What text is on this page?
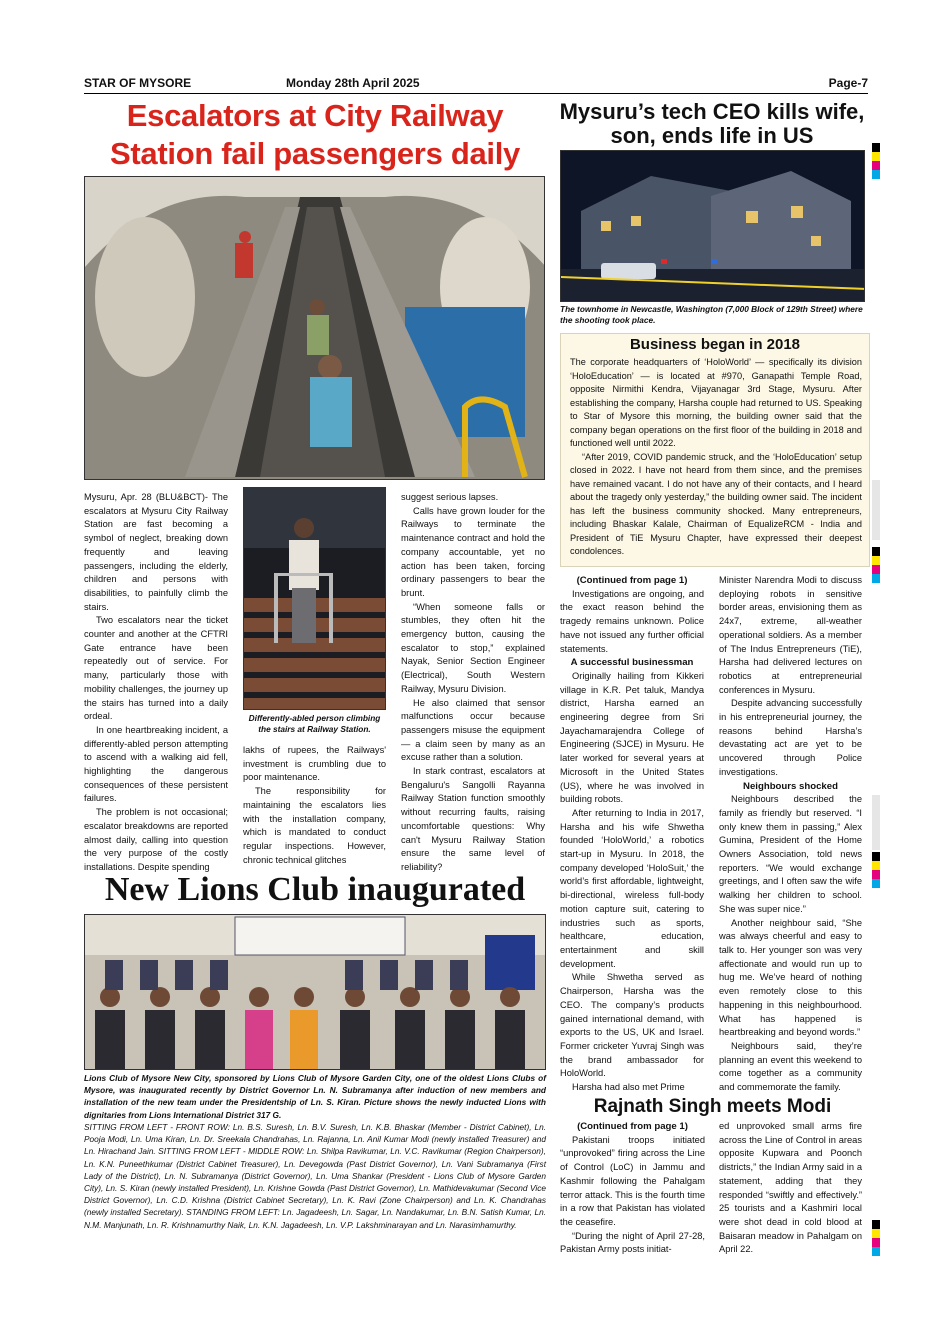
STAR OF MYSORE	Monday 28th April 2025	Page-7
Escalators at City Railway Station fail passengers daily

Mysuru, Apr. 28 (BLU&BCT)- The escalators at Mysuru City Railway Station are fast becoming a symbol of neglect, breaking down frequently and leaving passengers, including the elderly, children and persons with disabilities, to painfully climb the stairs.

Two escalators near the ticket counter and another at the CFTRI Gate entrance have been repeatedly out of service. For many, particularly those with mobility challenges, the journey up the stairs has turned into a daily ordeal.

In one heartbreaking incident, a differently-abled person attempting to ascend with a walking aid fell, highlighting the dangerous consequences of these persistent failures.

The problem is not occasional; escalator breakdowns are reported almost daily, calling into question the very purpose of the costly installations. Despite spending

Differently-abled person climbing the stairs at Railway Station.

lakhs of rupees, the Railways' investment is crumbling due to poor maintenance.

The responsibility for maintaining the escalators lies with the installation company, which is mandated to conduct regular inspections. However, chronic technical glitches

suggest serious lapses.

Calls have grown louder for the Railways to terminate the maintenance contract and hold the company accountable, yet no action has been taken, forcing ordinary passengers to bear the brunt.

“When someone falls or stumbles, they often hit the emergency button, causing the escalator to stop,” explained Nayak, Senior Section Engineer (Electrical), South Western Railway, Mysuru Division.

He also claimed that sensor malfunctions occur because passengers misuse the equipment — a claim seen by many as an excuse rather than a solution.

In stark contrast, escalators at Bengaluru's Sangolli Rayanna Railway Station function smoothly without recurring faults, raising uncomfortable questions: Why can't Mysuru Railway Station ensure the same level of reliability?

Mysuru’s tech CEO kills wife, son, ends life in US
The townhome in Newcastle, Washington (7,000 Block of 129th Street) where the shooting took place.
Business began in 2018

The corporate headquarters of ‘HoloWorld’ — specifically its division ‘HoloEducation’ — is located at #970, Ganapathi Temple Road, opposite Nirmithi Kendra, Vijayanagar 3rd Stage, Mysuru. After establishing the company, Harsha couple had returned to US. Speaking to Star of Mysore this morning, the building owner said that the company began operations on the first floor of the building in 2018 and functioned well until 2022.

“After 2019, COVID pandemic struck, and the ‘HoloEducation’ setup closed in 2022. I have not heard from them since, and the premises have remained vacant. I do not have any of their contacts, and I heard about the tragedy only yesterday,” the building owner said. The incident has left the business community shocked. Many entrepreneurs, including Bhaskar Kalale, Chairman of EqualizeRCM - India and President of TiE Mysuru Chapter, have expressed their deepest condolences.

(Continued from page 1)

Investigations are ongoing, and the exact reason behind the tragedy remains unknown. Police have not issued any further official statements.

A successful businessman

Originally hailing from Kikkeri village in K.R. Pet taluk, Mandya district, Harsha earned an engineering degree from Sri Jayachamarajendra College of Engineering (SJCE) in Mysuru. He later worked for several years at Microsoft in the United States (US), where he was involved in building robots.

After returning to India in 2017, Harsha and his wife Shwetha founded ‘HoloWorld,’ a robotics start-up in Mysuru. In 2018, the company developed ‘HoloSuit,’ the world’s first affordable, lightweight, bi-directional, wireless full-body motion capture suit, catering to industries such as sports, healthcare, education, entertainment and skill development.

While Shwetha served as Chairperson, Harsha was the CEO. The company’s products gained international demand, with exports to the US, UK and Israel. Former cricketer Yuvraj Singh was the brand ambassador for HoloWorld.

Harsha had also met Prime

Minister Narendra Modi to discuss deploying robots in sensitive border areas, envisioning them as 24x7, extreme, all-weather operational soldiers. As a member of The Indus Entrepreneurs (TiE), Harsha had delivered lectures on robotics at entrepreneurial conferences in Mysuru.

Despite advancing successfully in his entrepreneurial journey, the reasons behind Harsha’s devastating act are yet to be uncovered through Police investigations.

Neighbours shocked

Neighbours described the family as friendly but reserved. “I only knew them in passing,” Alex Gumina, President of the Home Owners Association, told news reporters. “We would exchange greetings, and I often saw the wife walking her children to school. She was super nice.”

Another neighbour said, “She was always cheerful and easy to talk to. Her younger son was very affectionate and would run up to hug me. We’ve heard of nothing even remotely close to this happening in this neighbourhood. What has happened is heartbreaking and beyond words.”

Neighbours said, they’re planning an event this weekend to come together as a community and commemorate the family.

New Lions Club inaugurated
Lions Club of Mysore New City, sponsored by Lions Club of Mysore Garden City, one of the oldest Lions Clubs of Mysore, was inaugurated recently by District Governor Ln. N. Subramanya after induction of new members and installation of the new team under the Presidentship of Ln. S. Kiran. Picture shows the newly inducted Lions with dignitaries from Lions International District 317 G.
SITTING FROM LEFT - FRONT ROW: Ln. B.S. Suresh, Ln. B.V. Suresh, Ln. K.B. Bhaskar (Member - District Cabinet), Ln. Pooja Modi, Ln. Uma Kiran, Ln. Dr. Sreekala Chandrahas, Ln. Rajanna, Ln. Anil Kumar Modi (newly installed Treasurer) and Ln. Hirachand Jain. SITTING FROM LEFT - MIDDLE ROW: Ln. Shilpa Ravikumar, Ln. V.C. Ravikumar (Region Chairperson), Ln. K.N. Puneethkumar (District Cabinet Treasurer), Ln. Devegowda (Past District Governor), Ln. Vani Subramanya (First Lady of the District), Ln. N. Subramanya (District Governor), Ln. Uma Shankar (President - Lions Club of Mysore Garden City), Ln. S. Kiran (newly installed President), Ln. Krishne Gowda (Past District Governor), Ln. Mathidevakumar (Second Vice District Governor), Ln. C.D. Krishna (District Cabinet Secretary), Ln. K. Ravi (Zone Chairperson) and Ln. K. Chandrahas (newly installed Secretary). STANDING FROM LEFT: Ln. Jagadeesh, Ln. Sagar, Ln. Nandakumar, Ln. B.N. Satish Kumar, Ln. N.M. Manjunath, Ln. R. Krishnamurthy Naik, Ln. K.N. Jagadeesh, Ln. V.P. Lakshminarayan and Ln. Narasimhamurthy.
Rajnath Singh meets Modi
(Continued from page 1)

Pakistani troops initiated “unprovoked” firing across the Line of Control (LoC) in Jammu and Kashmir following the Pahalgam terror attack. This is the fourth time in a row that Pakistan has violated the ceasefire.

“During the night of April 27-28, Pakistan Army posts initiat-

ed unprovoked small arms fire across the Line of Control in areas opposite Kupwara and Poonch districts,” the Indian Army said in a statement, adding that they responded “swiftly and effectively.” 25 tourists and a Kashmiri local were shot dead in cold blood at Baisaran meadow in Pahalgam on April 22.
